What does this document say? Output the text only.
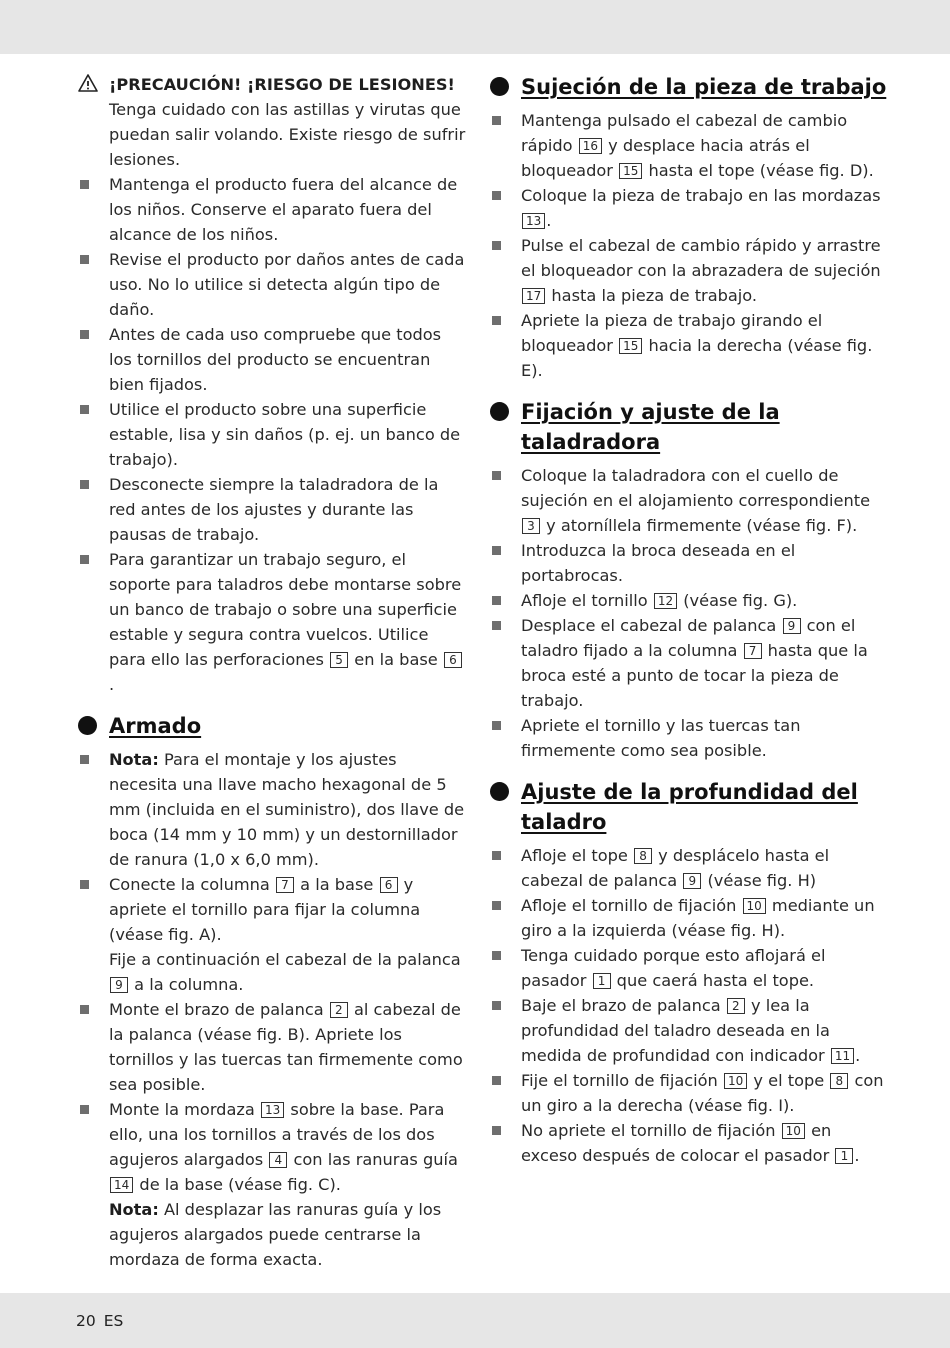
¡PRECAUCIÓN! ¡RIESGO DE LESIONES! Tenga cuidado con las astillas y virutas que puedan salir volando. Existe riesgo de sufrir lesiones.
Mantenga el producto fuera del alcance de los niños. Conserve el aparato fuera del alcance de los niños.
Revise el producto por daños antes de cada uso. No lo utilice si detecta algún tipo de daño.
Antes de cada uso compruebe que todos los tornillos del producto se encuentran bien fijados.
Utilice el producto sobre una superficie estable, lisa y sin daños (p. ej. un banco de trabajo).
Desconecte siempre la taladradora de la red antes de los ajustes y durante las pausas de trabajo.
Para garantizar un trabajo seguro, el soporte para taladros debe montarse sobre un banco de trabajo o sobre una superficie estable y segura contra vuelcos. Utilice para ello las perforaciones 5 en la base 6.
Armado
Nota: Para el montaje y los ajustes necesita una llave macho hexagonal de 5 mm (incluida en el suministro), dos llave de boca (14 mm y 10 mm) y un destornillador de ranura (1,0 x 6,0 mm).
Conecte la columna 7 a la base 6 y apriete el tornillo para fijar la columna (véase fig. A).
Fije a continuación el cabezal de la palanca 9 a la columna.
Monte el brazo de palanca 2 al cabezal de la palanca (véase fig. B). Apriete los tornillos y las tuercas tan firmemente como sea posible.
Monte la mordaza 13 sobre la base. Para ello, una los tornillos a través de los dos agujeros alargados 4 con las ranuras guía 14 de la base (véase fig. C).
Nota: Al desplazar las ranuras guía y los agujeros alargados puede centrarse la mordaza de forma exacta.
Sujeción de la pieza de trabajo
Mantenga pulsado el cabezal de cambio rápido 16 y desplace hacia atrás el bloqueador 15 hasta el tope (véase fig. D).
Coloque la pieza de trabajo en las mordazas 13 .
Pulse el cabezal de cambio rápido y arrastre el bloqueador con la abrazadera de sujeción 17 hasta la pieza de trabajo.
Apriete la pieza de trabajo girando el bloqueador 15 hacia la derecha (véase fig. E).
Fijación y ajuste de la taladradora
Coloque la taladradora con el cuello de sujeción en el alojamiento correspondiente 3 y atorníllela firmemente (véase fig. F).
Introduzca la broca deseada en el portabrocas.
Afloje el tornillo 12 (véase fig. G).
Desplace el cabezal de palanca 9 con el taladro fijado a la columna 7 hasta que la broca esté a punto de tocar la pieza de trabajo.
Apriete el tornillo y las tuercas tan firmemente como sea posible.
Ajuste de la profundidad del taladro
Afloje el tope 8 y desplácelo hasta el cabezal de palanca 9 (véase fig. H)
Afloje el tornillo de fijación 10 mediante un giro a la izquierda (véase fig. H).
Tenga cuidado porque esto aflojará el pasador 1 que caerá hasta el tope.
Baje el brazo de palanca 2 y lea la profundidad del taladro deseada en la medida de profundidad con indicador 11 .
Fije el tornillo de fijación 10 y el tope 8 con un giro a la derecha (véase fig. I).
No apriete el tornillo de fijación 10 en exceso después de colocar el pasador 1 .
20 ES
